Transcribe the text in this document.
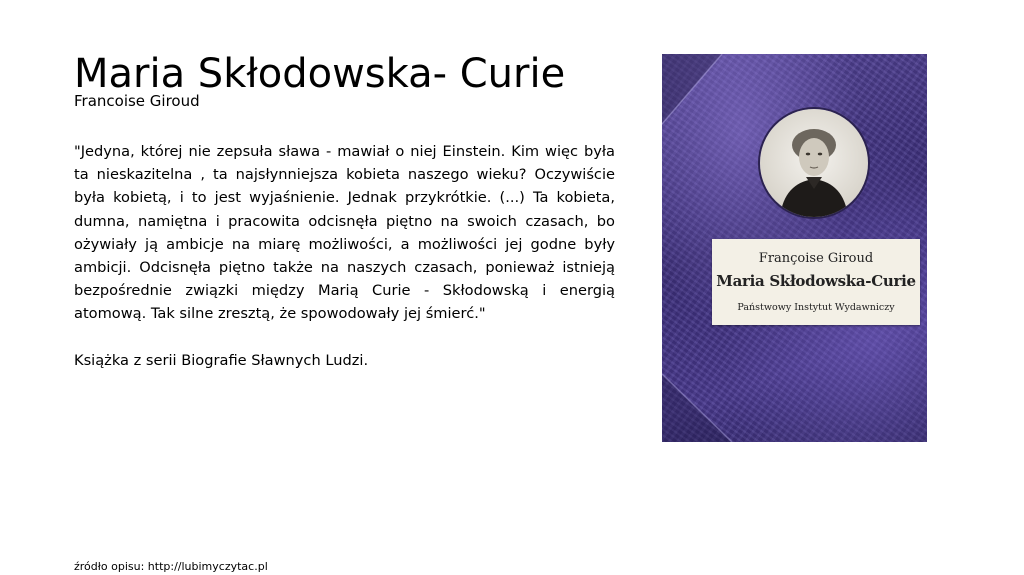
Maria Skłodowska- Curie
Francoise Giroud

"Jedyna, której nie zepsuła sława - mawiał o niej Einstein. Kim więc była ta nieskazitelna , ta najsłynniejsza kobieta naszego wieku? Oczywiście była kobietą, i to jest wyjaśnienie. Jednak przykrótkie. (...) Ta kobieta, dumna, namiętna i pracowita odcisnęła piętno na swoich czasach, bo ożywiały ją ambicje na miarę możliwości, a możliwości jej godne były ambicji. Odcisnęła piętno także na naszych czasach, ponieważ istnieją bezpośrednie związki między Marią Curie - Skłodowską i energią atomową. Tak silne zresztą, że spowodowały jej śmierć."

Książka z serii Biografie Sławnych Ludzi.

Françoise Giroud
Maria Skłodowska-Curie
Państwowy Instytut Wydawniczy
źródło opisu: http://lubimyczytac.pl
